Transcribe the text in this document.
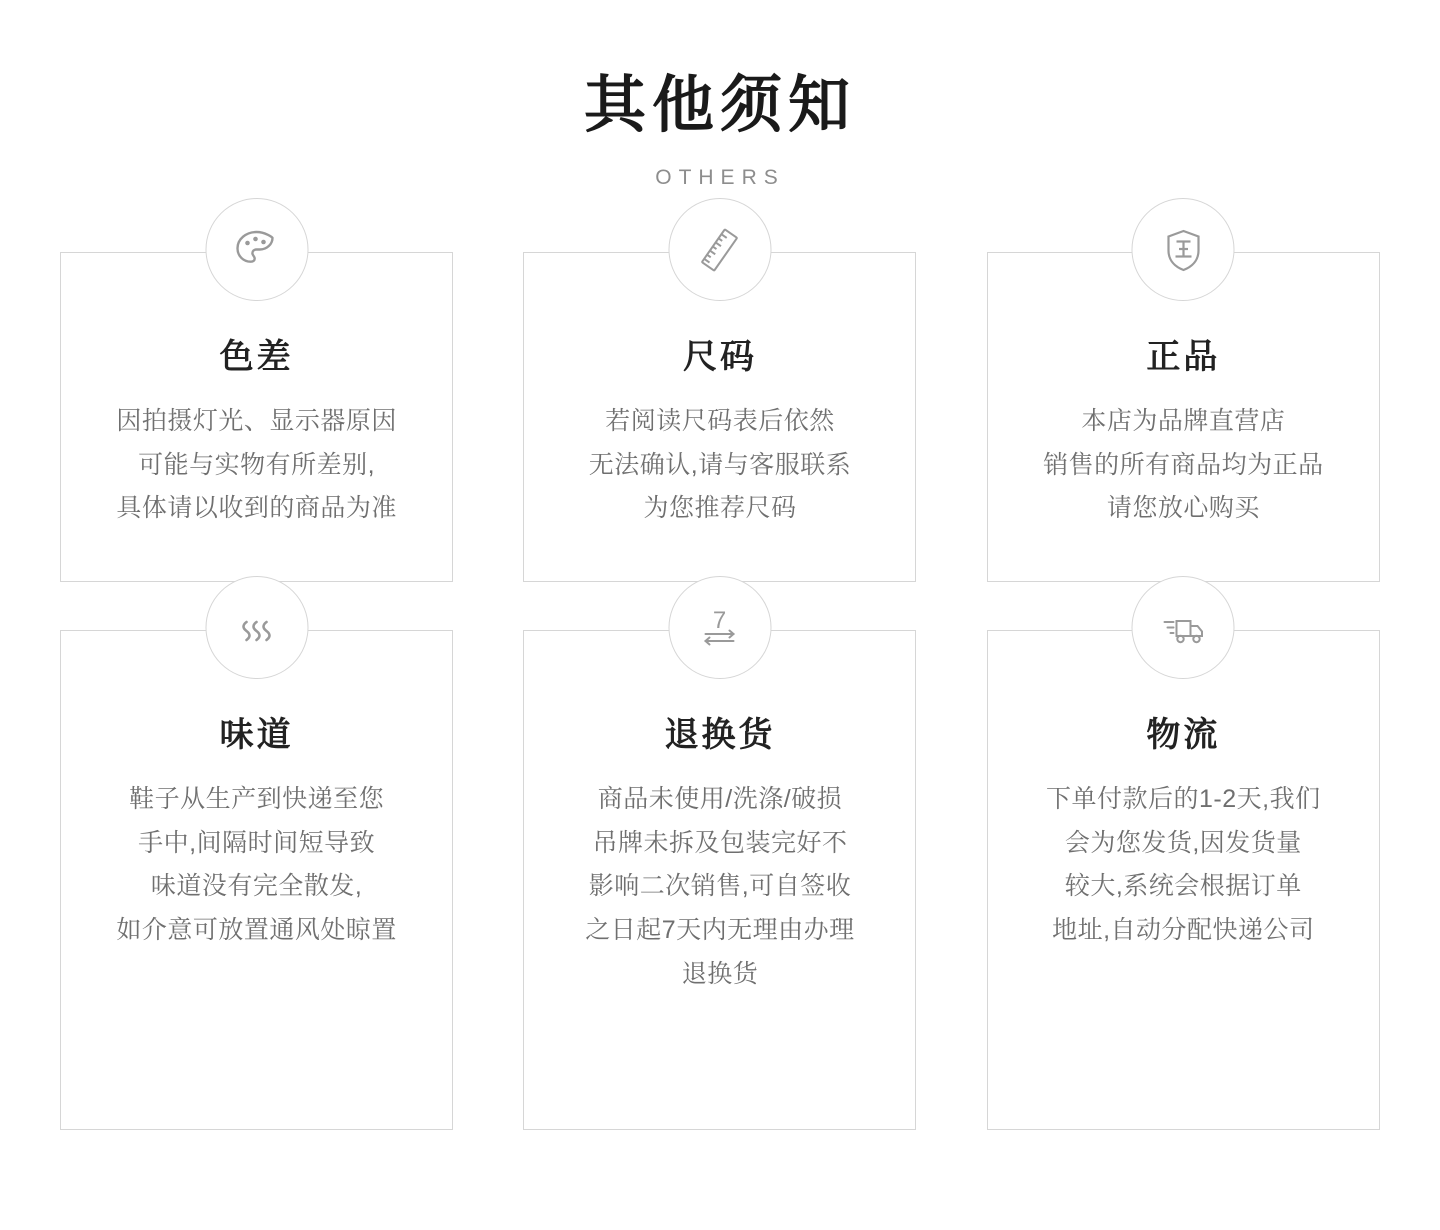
其他须知
OTHERS
色差
因拍摄灯光、显示器原因
可能与实物有所差别,
具体请以收到的商品为准
尺码
若阅读尺码表后依然
无法确认,请与客服联系
为您推荐尺码
正品
本店为品牌直营店
销售的所有商品均为正品
请您放心购买
味道
鞋子从生产到快递至您
手中,间隔时间短导致
味道没有完全散发,
如介意可放置通风处晾置
7
退换货
商品未使用/洗涤/破损
吊牌未拆及包装完好不
影响二次销售,可自签收
之日起7天内无理由办理
退换货
物流
下单付款后的1-2天,我们
会为您发货,因发货量
较大,系统会根据订单
地址,自动分配快递公司
